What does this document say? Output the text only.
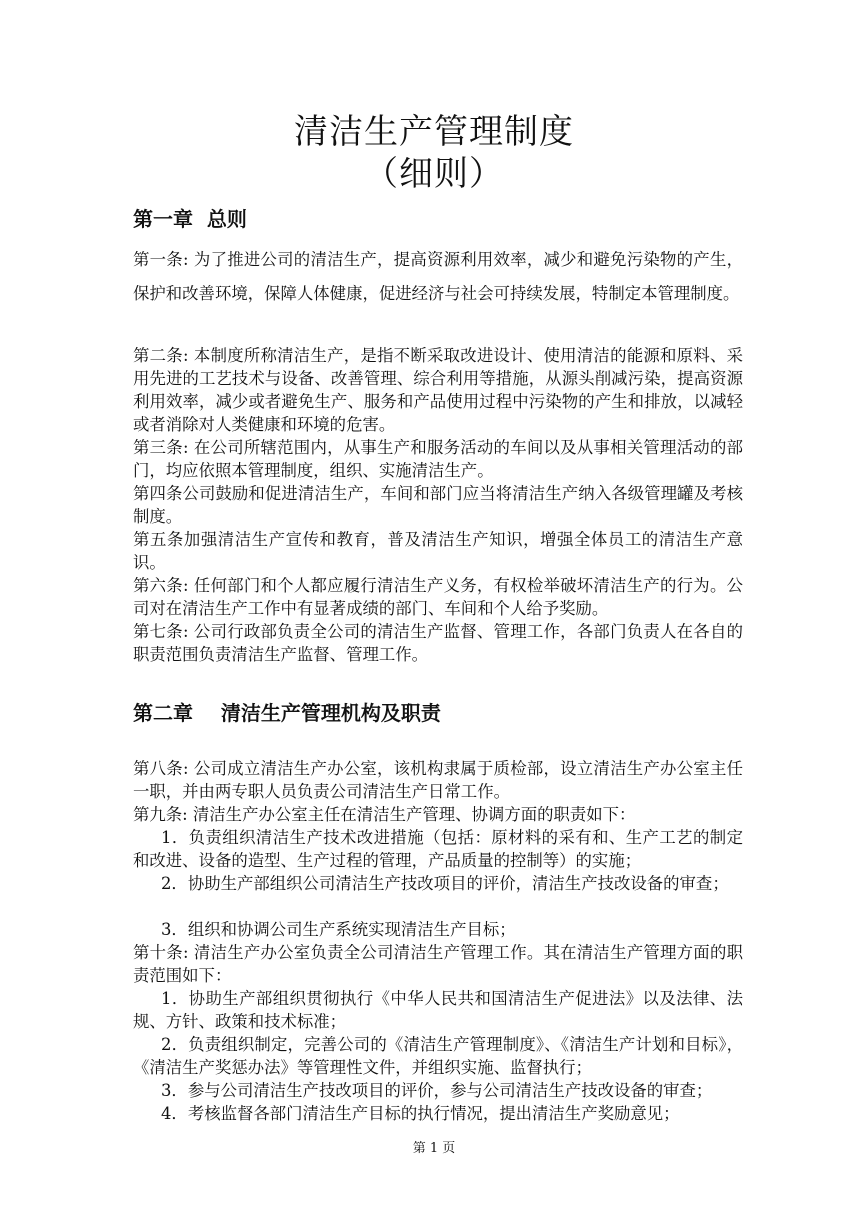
清洁生产管理制度
（细则）
第一章  总则
第一条: 为了推进公司的清洁生产，提高资源利用效率，减少和避免污染物的产生，保护和改善环境，保障人体健康，促进经济与社会可持续发展，特制定本管理制度。
第二条: 本制度所称清洁生产，是指不断采取改进设计、使用清洁的能源和原料、采用先进的工艺技术与设备、改善管理、综合利用等措施，从源头削减污染，提高资源利用效率，减少或者避免生产、服务和产品使用过程中污染物的产生和排放，以减轻或者消除对人类健康和环境的危害。
第三条: 在公司所辖范围内，从事生产和服务活动的车间以及从事相关管理活动的部门，均应依照本管理制度，组织、实施清洁生产。
第四条公司鼓励和促进清洁生产，车间和部门应当将清洁生产纳入各级管理罐及考核制度。
第五条加强清洁生产宣传和教育，普及清洁生产知识，增强全体员工的清洁生产意识。
第六条: 任何部门和个人都应履行清洁生产义务，有权检举破坏清洁生产的行为。公司对在清洁生产工作中有显著成绩的部门、车间和个人给予奖励。
第七条: 公司行政部负责全公司的清洁生产监督、管理工作，各部门负责人在各自的职责范围负责清洁生产监督、管理工作。
第二章    清洁生产管理机构及职责
第八条: 公司成立清洁生产办公室，该机构隶属于质检部，设立清洁生产办公室主任一职，并由两专职人员负责公司清洁生产日常工作。
第九条: 清洁生产办公室主任在清洁生产管理、协调方面的职责如下：
1．负责组织清洁生产技术改进措施（包括：原材料的采有和、生产工艺的制定和改进、设备的造型、生产过程的管理，产品质量的控制等）的实施；
2．协助生产部组织公司清洁生产技改项目的评价，清洁生产技改设备的审查；
3．组织和协调公司生产系统实现清洁生产目标；
第十条: 清洁生产办公室负责全公司清洁生产管理工作。其在清洁生产管理方面的职责范围如下：
1．协助生产部组织贯彻执行《中华人民共和国清洁生产促进法》以及法律、法规、方针、政策和技术标准；
2．负责组织制定，完善公司的《清洁生产管理制度》、《清洁生产计划和目标》，《清洁生产奖惩办法》等管理性文件，并组织实施、监督执行；
3．参与公司清洁生产技改项目的评价，参与公司清洁生产技改设备的审查；
4．考核监督各部门清洁生产目标的执行情况，提出清洁生产奖励意见；
第 1 页
